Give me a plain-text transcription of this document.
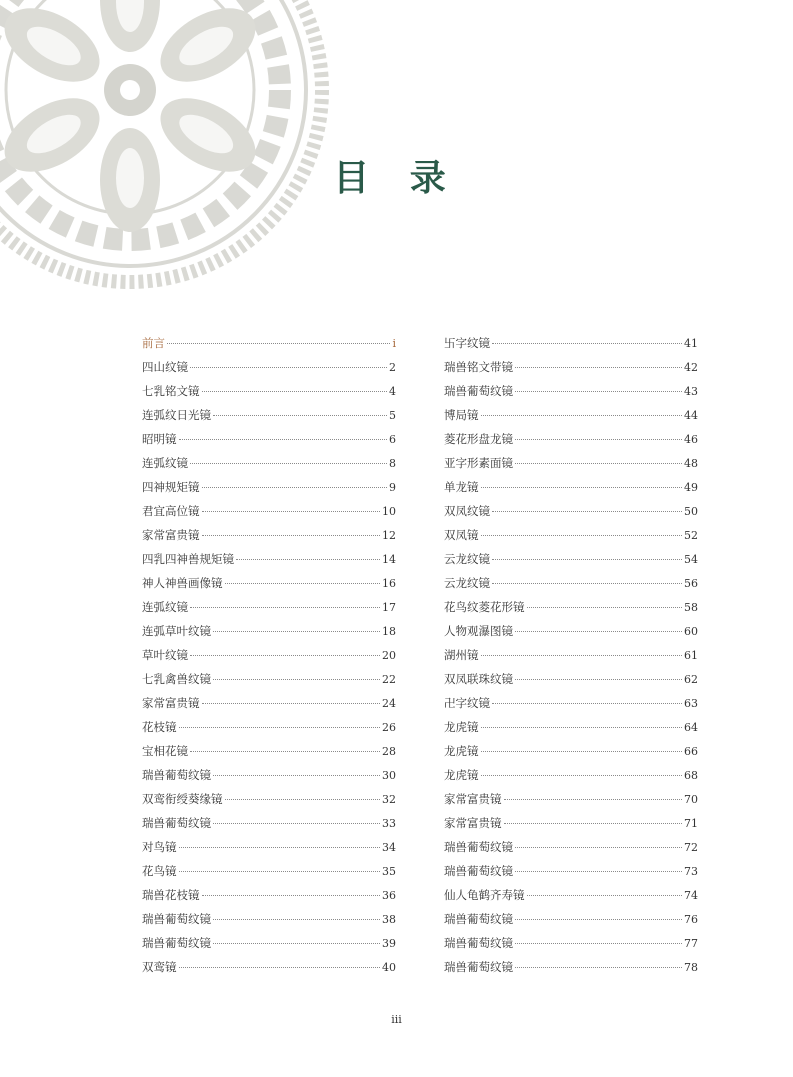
目 录
前言	i
四山纹镜	2
七乳铭文镜	4
连弧纹日光镜	5
昭明镜	6
连弧纹镜	8
四神规矩镜	9
君宜高位镜	10
家常富贵镜	12
四乳四神兽规矩镜	14
神人神兽画像镜	16
连弧纹镜	17
连弧草叶纹镜	18
草叶纹镜	20
七乳禽兽纹镜	22
家常富贵镜	24
花枝镜	26
宝相花镜	28
瑞兽葡萄纹镜	30
双鸾衔绶葵缘镜	32
瑞兽葡萄纹镜	33
对鸟镜	34
花鸟镜	35
瑞兽花枝镜	36
瑞兽葡萄纹镜	38
瑞兽葡萄纹镜	39
双鸾镜	40
卐字纹镜	41
瑞兽铭文带镜	42
瑞兽葡萄纹镜	43
博局镜	44
菱花形盘龙镜	46
亚字形素面镜	48
单龙镜	49
双凤纹镜	50
双凤镜	52
云龙纹镜	54
云龙纹镜	56
花鸟纹菱花形镜	58
人物观瀑图镜	60
湖州镜	61
双凤联珠纹镜	62
卍字纹镜	63
龙虎镜	64
龙虎镜	66
龙虎镜	68
家常富贵镜	70
家常富贵镜	71
瑞兽葡萄纹镜	72
瑞兽葡萄纹镜	73
仙人龟鹤齐寿镜	74
瑞兽葡萄纹镜	76
瑞兽葡萄纹镜	77
瑞兽葡萄纹镜	78
iii
